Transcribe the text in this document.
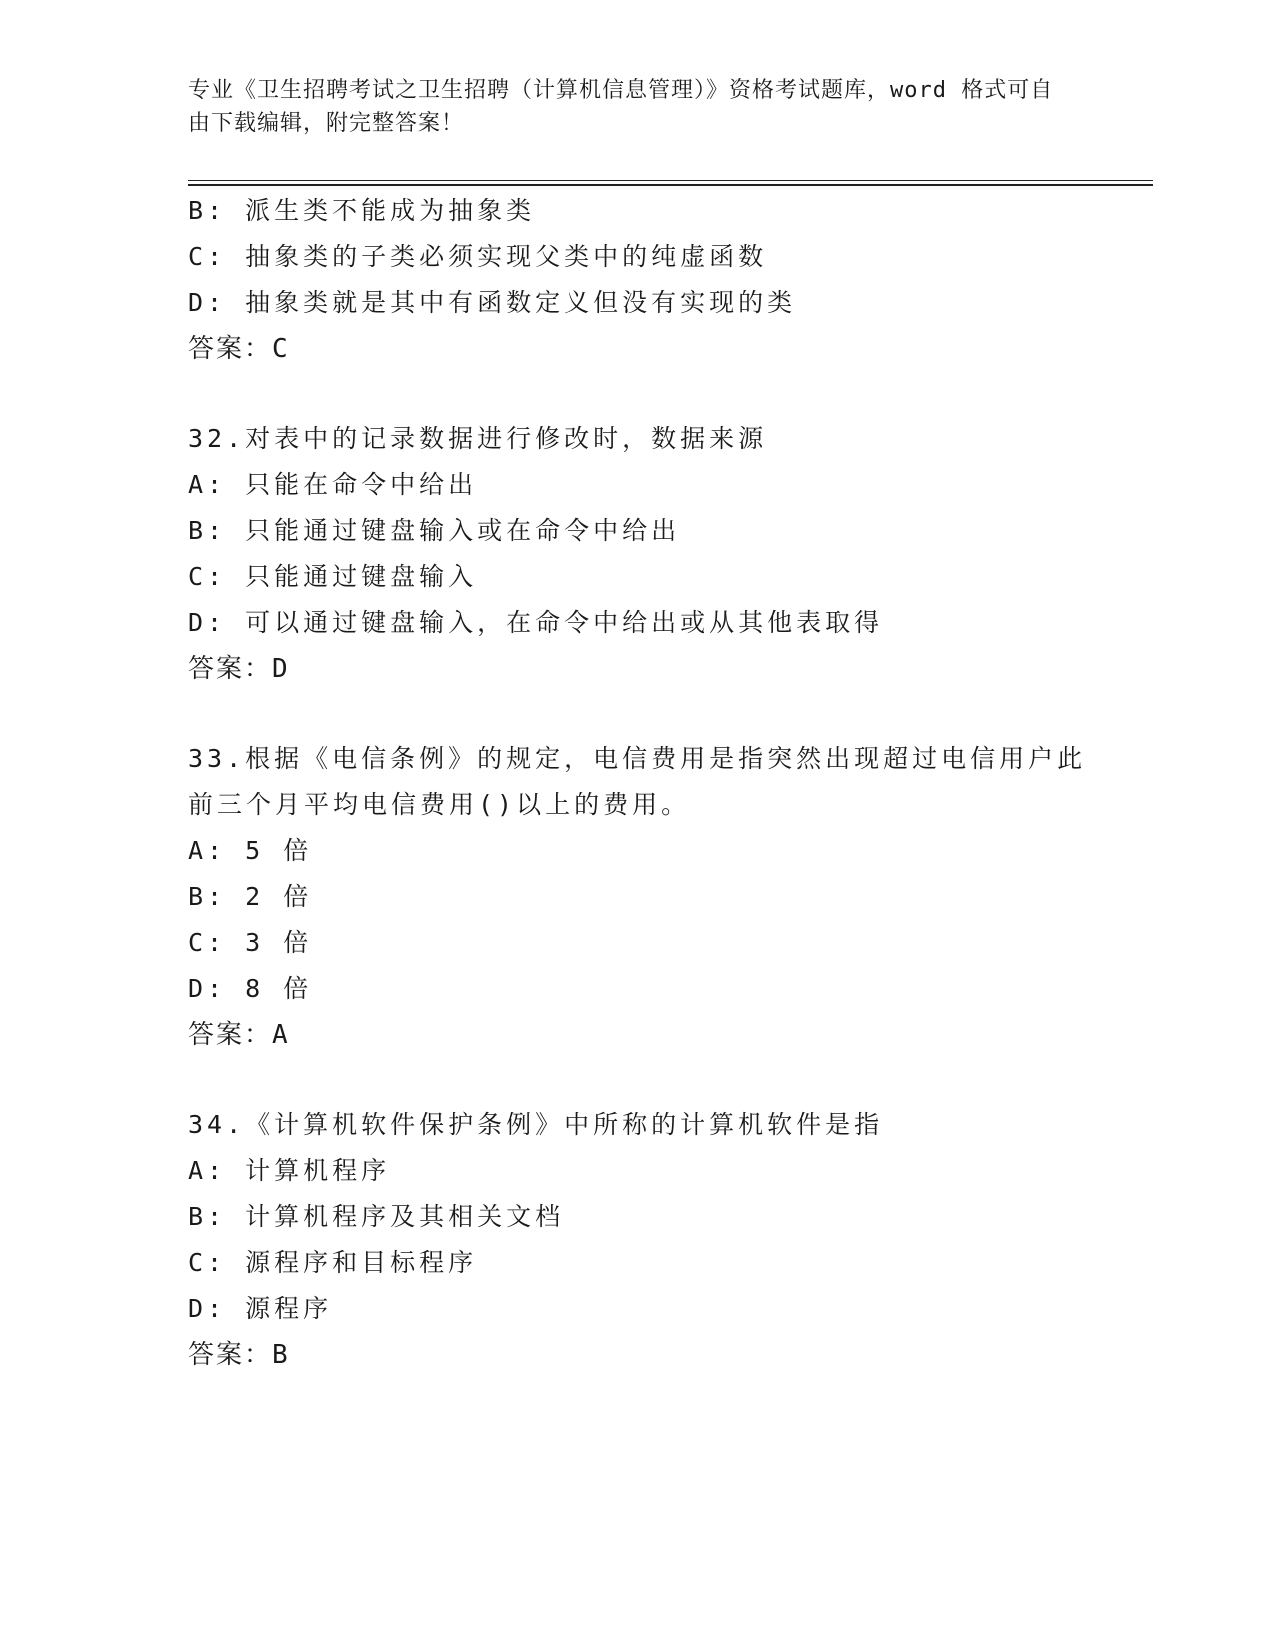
专业《卫生招聘考试之卫生招聘（计算机信息管理）》资格考试题库，word 格式可自由下载编辑，附完整答案！
B: 派生类不能成为抽象类
C: 抽象类的子类必须实现父类中的纯虚函数
D: 抽象类就是其中有函数定义但没有实现的类
答案：C
32.对表中的记录数据进行修改时，数据来源
A: 只能在命令中给出
B: 只能通过键盘输入或在命令中给出
C: 只能通过键盘输入
D: 可以通过键盘输入，在命令中给出或从其他表取得
答案：D
33.根据《电信条例》的规定，电信费用是指突然出现超过电信用户此前三个月平均电信费用()以上的费用。
A: 5 倍
B: 2 倍
C: 3 倍
D: 8 倍
答案：A
34.《计算机软件保护条例》中所称的计算机软件是指
A: 计算机程序
B: 计算机程序及其相关文档
C: 源程序和目标程序
D: 源程序
答案：B
